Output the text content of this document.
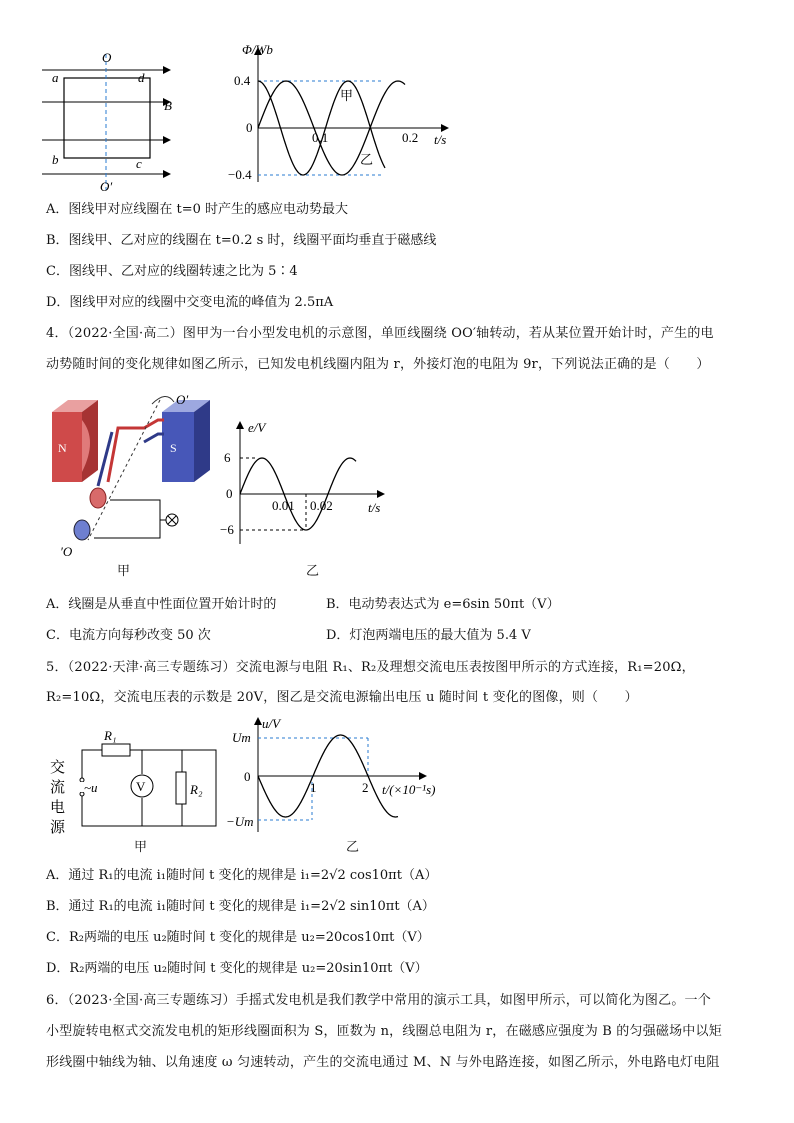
O
O′
a
b	c
d
B
Φ/Wb
0.4
0
−0.4
0.1	0.2 t/s
甲
乙
A．图线甲对应线圈在 t=0 时产生的感应电动势最大
B．图线甲、乙对应的线圈在 t=0.2 s 时，线圈平面均垂直于磁感线
C．图线甲、乙对应的线圈转速之比为 5∶4
D．图线甲对应的线圈中交变电流的峰值为 2.5πA
4．（2022·全国·高二）图甲为一台小型发电机的示意图，单匝线圈绕 OO′轴转动，若从某位置开始计时，产生的电
动势随时间的变化规律如图乙所示，已知发电机线圈内阻为 r，外接灯泡的电阻为 9r，下列说法正确的是（　　）
N	S
O′
′O
甲
e/V
6
0
−6
0.01 0.02	t/s
乙
A．线圈是从垂直中性面位置开始计时的	B．电动势表达式为 e=6sin 50πt（V）
C．电流方向每秒改变 50 次	D．灯泡两端电压的最大值为 5.4 V
5．（2022·天津·高三专题练习）交流电源与电阻 R₁、R₂及理想交流电压表按图甲所示的方式连接，R₁=20Ω，
R₂=10Ω，交流电压表的示数是 20V，图乙是交流电源输出电压 u 随时间 t 变化的图像，则（　　）
V
~u
R₁
R₂
交
流
电
源
甲
u/V
Um
0
−Um
1	2 t/(×10⁻¹s)
乙
A．通过 R₁的电流 i₁随时间 t 变化的规律是 i₁=2√2 cos10πt（A）
B．通过 R₁的电流 i₁随时间 t 变化的规律是 i₁=2√2 sin10πt（A）
C．R₂两端的电压 u₂随时间 t 变化的规律是 u₂=20cos10πt（V）
D．R₂两端的电压 u₂随时间 t 变化的规律是 u₂=20sin10πt（V）
6．（2023·全国·高三专题练习）手摇式发电机是我们教学中常用的演示工具，如图甲所示，可以简化为图乙。一个
小型旋转电枢式交流发电机的矩形线圈面积为 S，匝数为 n，线圈总电阻为 r，在磁感应强度为 B 的匀强磁场中以矩
形线圈中轴线为轴、以角速度 ω 匀速转动，产生的交流电通过 M、N 与外电路连接，如图乙所示，外电路电灯电阻
